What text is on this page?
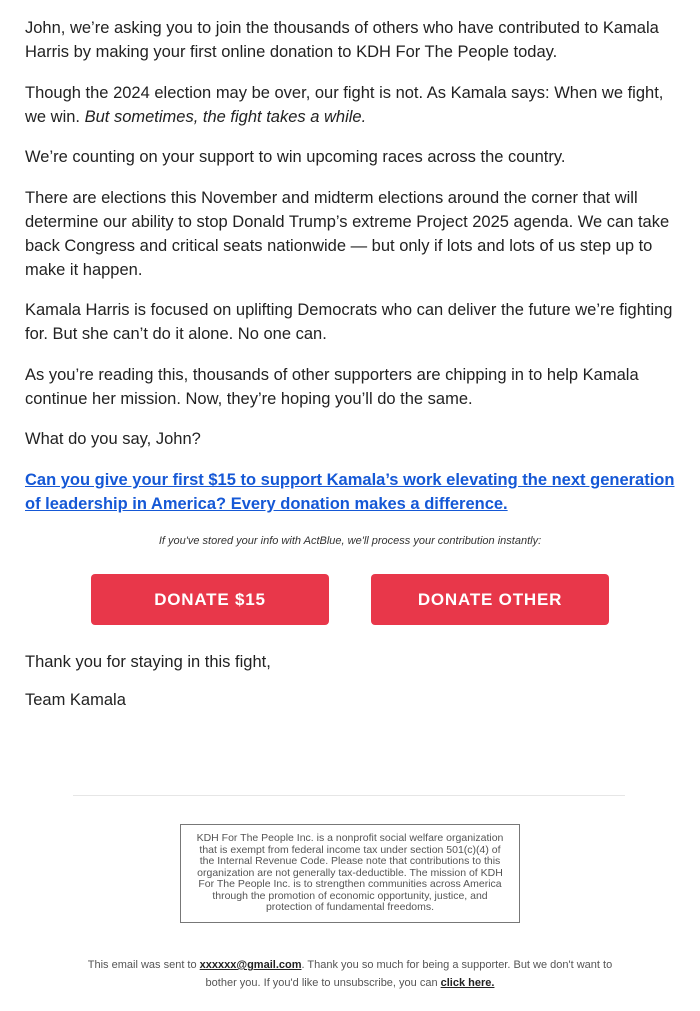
John, we’re asking you to join the thousands of others who have contributed to Kamala Harris by making your first online donation to KDH For The People today.

Though the 2024 election may be over, our fight is not. As Kamala says: When we fight, we win. But sometimes, the fight takes a while.

We’re counting on your support to win upcoming races across the country.

There are elections this November and midterm elections around the corner that will determine our ability to stop Donald Trump’s extreme Project 2025 agenda. We can take back Congress and critical seats nationwide — but only if lots and lots of us step up to make it happen.

Kamala Harris is focused on uplifting Democrats who can deliver the future we’re fighting for. But she can’t do it alone. No one can.

As you’re reading this, thousands of other supporters are chipping in to help Kamala continue her mission. Now, they’re hoping you’ll do the same.

What do you say, John?

Can you give your first $15 to support Kamala’s work elevating the next generation of leadership in America? Every donation makes a difference.

If you've stored your info with ActBlue, we'll process your contribution instantly:

DONATE $15	DONATE OTHER

Thank you for staying in this fight,

Team Kamala

KDH For The People Inc. is a nonprofit social welfare organization that is exempt from federal income tax under section 501(c)(4) of the Internal Revenue Code. Please note that contributions to this organization are not generally tax-deductible. The mission of KDH For The People Inc. is to strengthen communities across America through the promotion of economic opportunity, justice, and protection of fundamental freedoms.

This email was sent to xxxxxx@gmail.com. Thank you so much for being a supporter. But we don't want to bother you. If you'd like to unsubscribe, you can click here.
